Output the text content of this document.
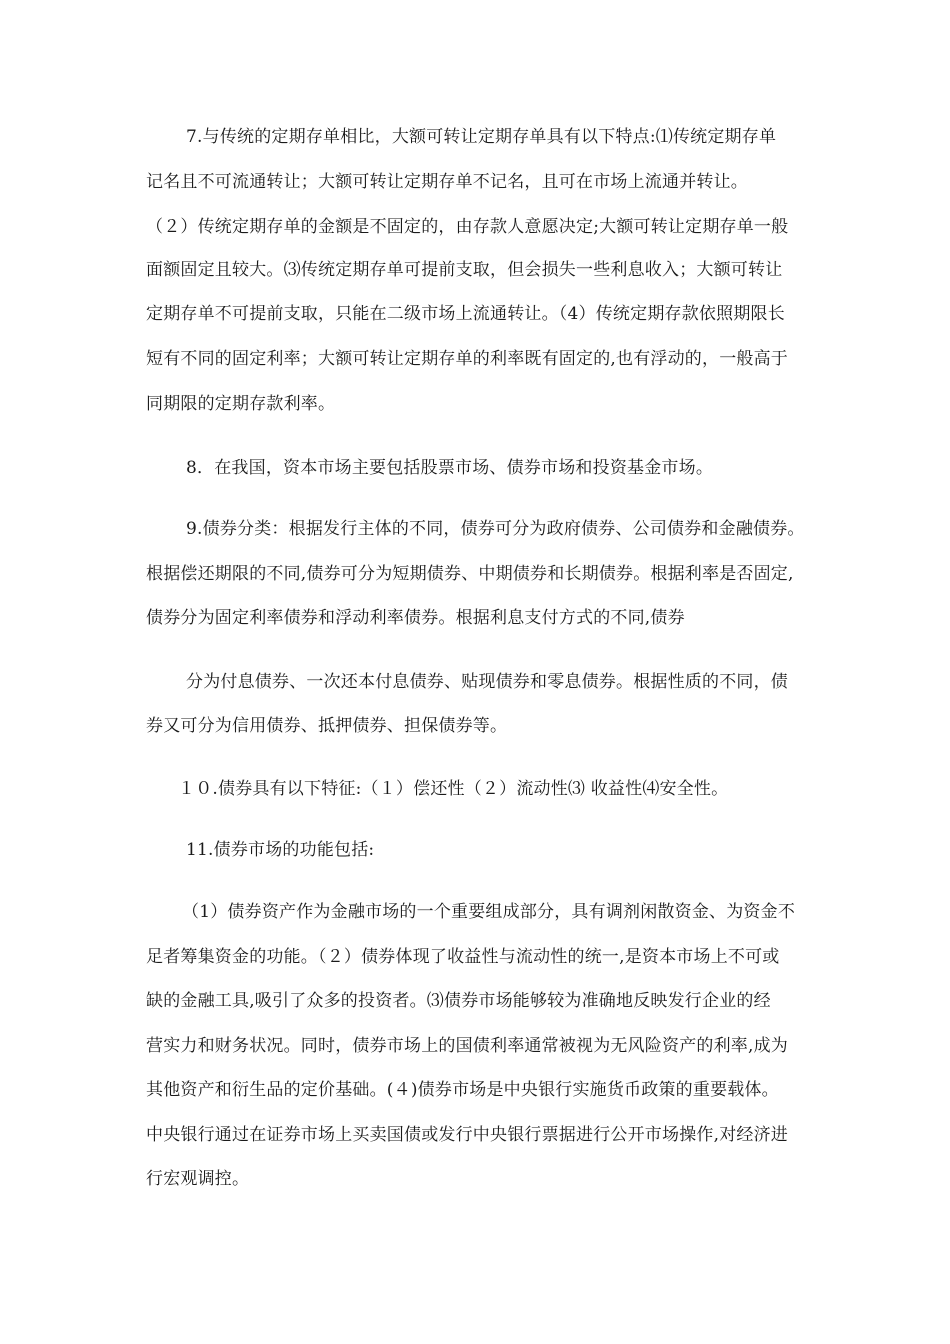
7.与传统的定期存单相比，大额可转让定期存单具有以下特点:⑴传统定期存单
记名且不可流通转让；大额可转让定期存单不记名，且可在市场上流通并转让。
（２）传统定期存单的金额是不固定的，由存款人意愿决定;大额可转让定期存单一般
面额固定且较大。⑶传统定期存单可提前支取，但会损失一些利息收入；大额可转让
定期存单不可提前支取，只能在二级市场上流通转让。（4）传统定期存款依照期限长
短有不同的固定利率；大额可转让定期存单的利率既有固定的,也有浮动的，一般高于
同期限的定期存款利率。
8．在我国，资本市场主要包括股票市场、债券市场和投资基金市场。
9.债券分类：根据发行主体的不同，债券可分为政府债券、公司债券和金融债券。
根据偿还期限的不同,债券可分为短期债券、中期债券和长期债券。根据利率是否固定,
债券分为固定利率债券和浮动利率债券。根据利息支付方式的不同,债券
分为付息债券、一次还本付息债券、贴现债券和零息债券。根据性质的不同，债
券又可分为信用债券、抵押债券、担保债券等。
１０.债券具有以下特征:（１）偿还性（２）流动性⑶ 收益性⑷安全性。
11.债券市场的功能包括:
（1）债券资产作为金融市场的一个重要组成部分，具有调剂闲散资金、为资金不
足者筹集资金的功能。（２）债券体现了收益性与流动性的统一,是资本市场上不可或
缺的金融工具,吸引了众多的投资者。⑶债券市场能够较为准确地反映发行企业的经
营实力和财务状况。同时，债券市场上的国债利率通常被视为无风险资产的利率,成为
其他资产和衍生品的定价基础。(４)债券市场是中央银行实施货币政策的重要载体。
中央银行通过在证券市场上买卖国债或发行中央银行票据进行公开市场操作,对经济进
行宏观调控。
